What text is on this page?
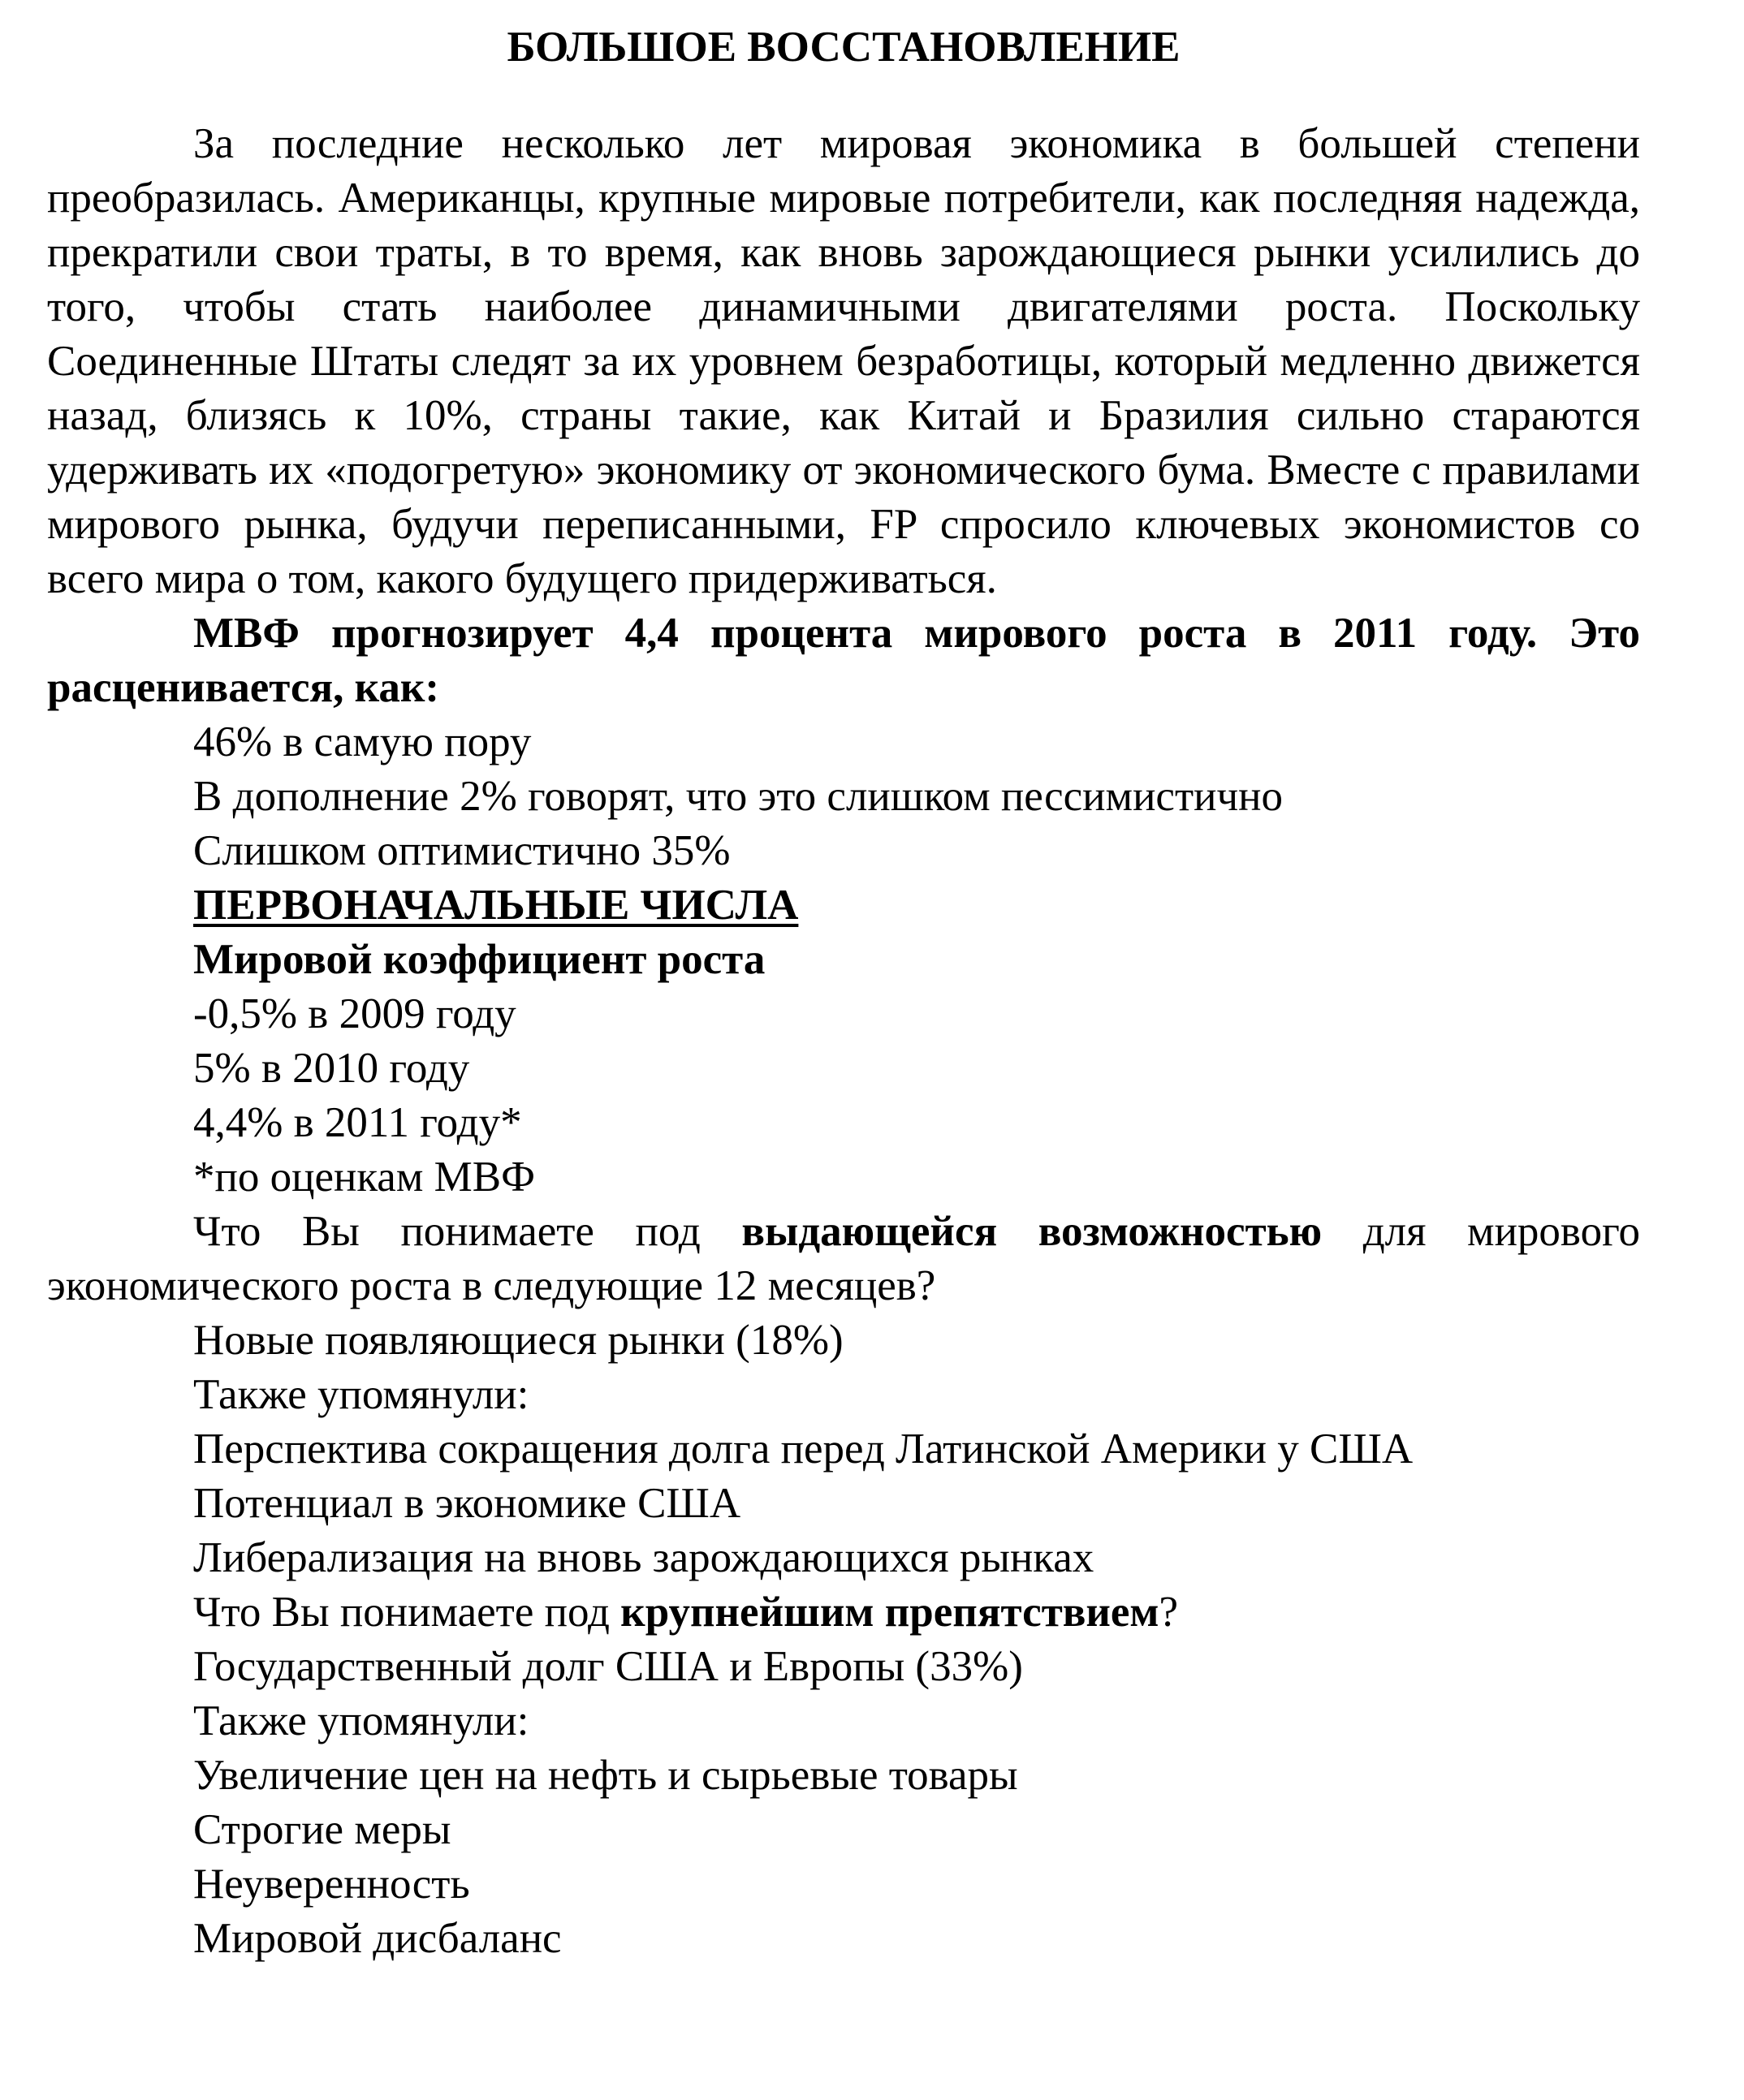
БОЛЬШОЕ ВОССТАНОВЛЕНИЕ

За последние несколько лет мировая экономика в большей степени преобразилась. Американцы, крупные мировые потребители, как последняя надежда, прекратили свои траты, в то время, как вновь зарождающиеся рынки усилились до того, чтобы стать наиболее динамичными двигателями роста. Поскольку Соединенные Штаты следят за их уровнем безработицы, который медленно движется назад, близясь к 10%, страны такие, как Китай и Бразилия сильно стараются удерживать их «подогретую» экономику от экономического бума. Вместе с правилами мирового рынка, будучи переписанными, FP спросило ключевых экономистов со всего мира о том, какого будущего придерживаться.

МВФ прогнозирует 4,4 процента мирового роста в 2011 году. Это расценивается, как:

46% в самую пору
В дополнение 2% говорят, что это слишком пессимистично
Слишком оптимистично 35%
ПЕРВОНАЧАЛЬНЫЕ ЧИСЛА
Мировой коэффициент роста
-0,5% в 2009 году
5% в 2010 году
4,4% в 2011 году*
*по оценкам МВФ

Что Вы понимаете под выдающейся возможностью для мирового экономического роста в следующие 12 месяцев?

Новые появляющиеся рынки (18%)
Также упомянули:
Перспектива сокращения долга перед Латинской Америки у США
Потенциал в экономике США
Либерализация на вновь зарождающихся рынках
Что Вы понимаете под крупнейшим препятствием?
Государственный долг США и Европы (33%)
Также упомянули:
Увеличение цен на нефть и сырьевые товары
Строгие меры
Неуверенность
Мировой дисбаланс
